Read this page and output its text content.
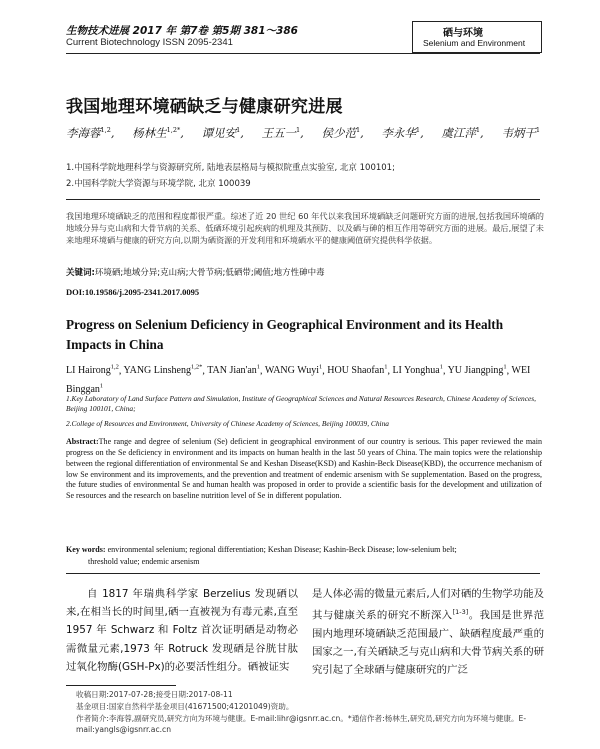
生物技术进展 2017 年 第7卷 第5期 381～386
Current Biotechnology ISSN 2095-2341
硒与环境
Selenium and Environment
我国地理环境硒缺乏与健康研究进展
李海蓉$^{1,2}$, 杨林生$^{1,2*}$, 谭见安$^1$, 王五一$^1$, 侯少范$^1$, 李永华$^1$, 虞江萍$^1$, 韦炳干$^1$
1.中国科学院地理科学与资源研究所, 陆地表层格局与模拟院重点实验室, 北京 100101;
2.中国科学院大学资源与环境学院, 北京 100039
我国地理环境硒缺乏的范围和程度都很严重。综述了近 20 世纪 60 年代以来我国环境硒缺乏问题研究方面的进展,包括我国环境硒的地域分异与克山病和大骨节病的关系、低硒环境引起疾病的机理及其预防、以及硒与砷的相互作用等研究方面的进展。最后,展望了未来地理环境硒与健康的研究方向,以期为硒资源的开发利用和环境硒水平的健康阈值研究提供科学依据。
关键词:环境硒;地域分异;克山病;大骨节病;低硒带;阈值;地方性砷中毒
DOI:10.19586/j.2095-2341.2017.0095
Progress on Selenium Deficiency in Geographical Environment and its Health Impacts in China
LI Hairong$^{1,2}$, YANG Linsheng$^{1,2*}$, TAN $Jian'an^1$, WANG Wuyi$^1$, HOU Shaofan$^1$, LI Yonghua$^1$, YU Jiangping$^1$, WEI Binggan$^1$
1.Key Laboratory of Land Surface Pattern and Simulation, Institute of Geographical Sciences and Natural Resources Research, Chinese Academy of Sciences, Beijing 100101, China;
2.College of Resources and Environment, University of Chinese Academy of Sciences, Beijing 100039, China
Abstract:The range and degree of selenium (Se) deficient in geographical environment of our country is serious. This paper reviewed the main progress on the Se deficiency in environment and its impacts on human health in the last 50 years of China. The main topics were the relationship between the regional differentiation of environmental Se and Keshan Disease(KSD) and Kashin-Beck Disease(KBD), the occurrence mechanism of low Se environment and its improvements, and the prevention and treatment of endemic arsenism with Se supplementation. Based on the progress, the future studies of environmental Se and human health was proposed in order to provide a scientific basis for the development and utilization of Se resources and the research on baseline nutrition level of Se in different population.
Key words: environmental selenium; regional differentiation; Keshan Disease; Kashin-Beck Disease; low-selenium belt;
threshold value; endemic arsenism
自 1817 年瑞典科学家 Berzelius 发现硒以来,在相当长的时间里,硒一直被视为有毒元素,直至 1957 年 Schwarz 和 Foltz 首次证明硒是动物必需微量元素,1973 年 Rotruck 发现硒是谷胱甘肽过氧化物酶(GSH-Px)的必要活性组分。硒被证实
是人体必需的微量元素后,人们对硒的生物学功能及其与健康关系的研究不断深入[1-3]。我国是世界范围内地理环境硒缺乏范围最广、缺硒程度最严重的国家之一,有关硒缺乏与克山病和大骨节病关系的研究引起了全球硒与健康研究的广泛
收稿日期:2017-07-28;接受日期:2017-08-11
基金项目:国家自然科学基金项目(41671500;41201049)资助。
作者简介:李海蓉,副研究员,研究方向为环境与健康。E-mail:lihr@igsnrr.ac.cn。*通信作者:杨林生,研究员,研究方向为环境与健康。E-mail:yangls@igsnrr.ac.cn
